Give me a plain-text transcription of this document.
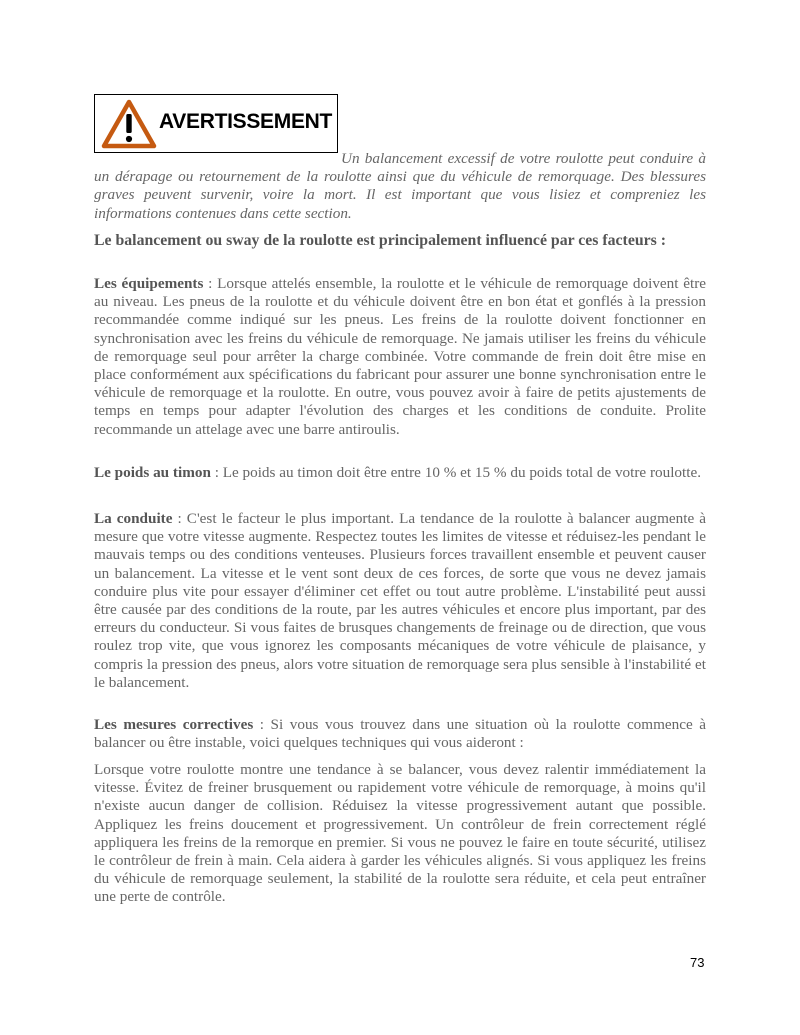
AVERTISSEMENT

Un balancement excessif de votre roulotte peut conduire à un dérapage ou retournement de la roulotte ainsi que du véhicule de remorquage. Des blessures graves peuvent survenir, voire la mort. Il est important que vous lisiez et compreniez les informations contenues dans cette section.

Le balancement ou sway de la roulotte est principalement influencé par ces facteurs :

Les équipements : Lorsque attelés ensemble, la roulotte et le véhicule de remorquage doivent être au niveau. Les pneus de la roulotte et du véhicule doivent être en bon état et gonflés à la pression recommandée comme indiqué sur les pneus. Les freins de la roulotte doivent fonctionner en synchronisation avec les freins du véhicule de remorquage. Ne jamais utiliser les freins du véhicule de remorquage seul pour arrêter la charge combinée. Votre commande de frein doit être mise en place conformément aux spécifications du fabricant pour assurer une bonne synchronisation entre le véhicule de remorquage et la roulotte. En outre, vous pouvez avoir à faire de petits ajustements de temps en temps pour adapter l'évolution des charges et les conditions de conduite. Prolite recommande un attelage avec une barre antiroulis.

Le poids au timon : Le poids au timon doit être entre 10 % et 15 % du poids total de votre roulotte.

La conduite : C'est le facteur le plus important. La tendance de la roulotte à balancer augmente à mesure que votre vitesse augmente. Respectez toutes les limites de vitesse et réduisez-les pendant le mauvais temps ou des conditions venteuses. Plusieurs forces travaillent ensemble et peuvent causer un balancement. La vitesse et le vent sont deux de ces forces, de sorte que vous ne devez jamais conduire plus vite pour essayer d'éliminer cet effet ou tout autre problème. L'instabilité peut aussi être causée par des conditions de la route, par les autres véhicules et encore plus important, par des erreurs du conducteur. Si vous faites de brusques changements de freinage ou de direction, que vous roulez trop vite, que vous ignorez les composants mécaniques de votre véhicule de plaisance, y compris la pression des pneus, alors votre situation de remorquage sera plus sensible à l'instabilité et le balancement.

Les mesures correctives : Si vous vous trouvez dans une situation où la roulotte commence à balancer ou être instable, voici quelques techniques qui vous aideront :

Lorsque votre roulotte montre une tendance à se balancer, vous devez ralentir immédiatement la vitesse. Évitez de freiner brusquement ou rapidement votre véhicule de remorquage, à moins qu'il n'existe aucun danger de collision. Réduisez la vitesse progressivement autant que possible. Appliquez les freins doucement et progressivement. Un contrôleur de frein correctement réglé appliquera les freins de la remorque en premier. Si vous ne pouvez le faire en toute sécurité, utilisez le contrôleur de frein à main. Cela aidera à garder les véhicules alignés. Si vous appliquez les freins du véhicule de remorquage seulement, la stabilité de la roulotte sera réduite, et cela peut entraîner une perte de contrôle.

73
